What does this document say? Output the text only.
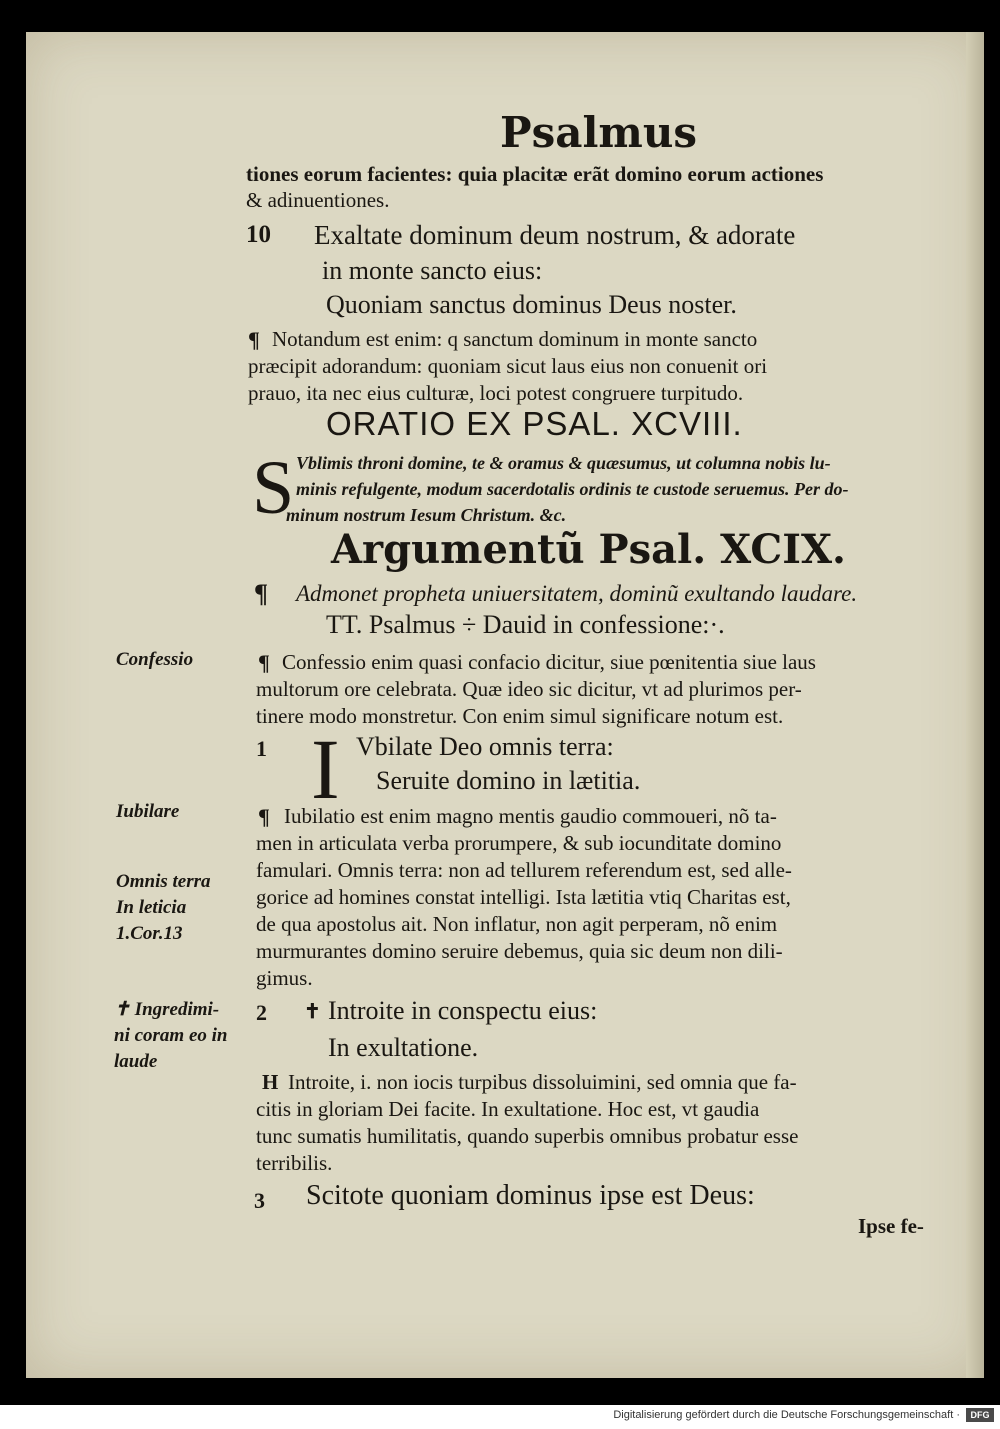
Psalmus
tiones eorum facientes: quia placitæ erãt domino eorum actiones
& adinuentiones.
10 Exaltate dominum deum nostrum, & adorate
in monte sancto eius:
Quoniam sanctus dominus Deus noster.
¶ Notandum est enim: q sanctum dominum in monte sancto
præcipit adorandum: quoniam sicut laus eius non conuenit ori
prauo, ita nec eius culturæ, loci potest congruere turpitudo.
ORATIO EX PSAL. XCVIII.
S Vblimis throni domine, te & oramus & quæsumus, ut columna nobis lu-
minis refulgente, modum sacerdotalis ordinis te custode seruemus. Per do-
minum nostrum Iesum Christum. &c.
Argumentũ Psal. XCIX.
¶ Admonet propheta uniuersitatem, dominũ exultando laudare.
TT. Psalmus ÷ Dauid in confessione:·.
¶ Confessio enim quasi confacio dicitur, siue pœnitentia siue laus
multorum ore celebrata. Quæ ideo sic dicitur, vt ad plurimos per-
tinere modo monstretur. Con enim simul significare notum est.
1 I Vbilate Deo omnis terra:
Seruite domino in lætitia.
¶ Iubilatio est enim magno mentis gaudio commoueri, nõ ta-
men in articulata verba prorumpere, & sub iocunditate domino
famulari. Omnis terra: non ad tellurem referendum est, sed alle-
gorice ad homines constat intelligi. Ista lætitia vtiq Charitas est,
de qua apostolus ait. Non inflatur, non agit perperam, nõ enim
murmurantes domino seruire debemus, quia sic deum non dili-
gimus.
2 ✝ Introite in conspectu eius:
In exultatione.
H Introite, i. non iocis turpibus dissoluimini, sed omnia que fa-
citis in gloriam Dei facite. In exultatione. Hoc est, vt gaudia
tunc sumatis humilitatis, quando superbis omnibus probatur esse
terribilis.
3 Scitote quoniam dominus ipse est Deus:
Ipse fe-
Confessio
Iubilare
Omnis terra
In leticia
1.Cor.13
✝ Ingredimi-
ni coram eo in
laude
Digitalisierung gefördert durch die Deutsche Forschungsgemeinschaft ·	DFG
